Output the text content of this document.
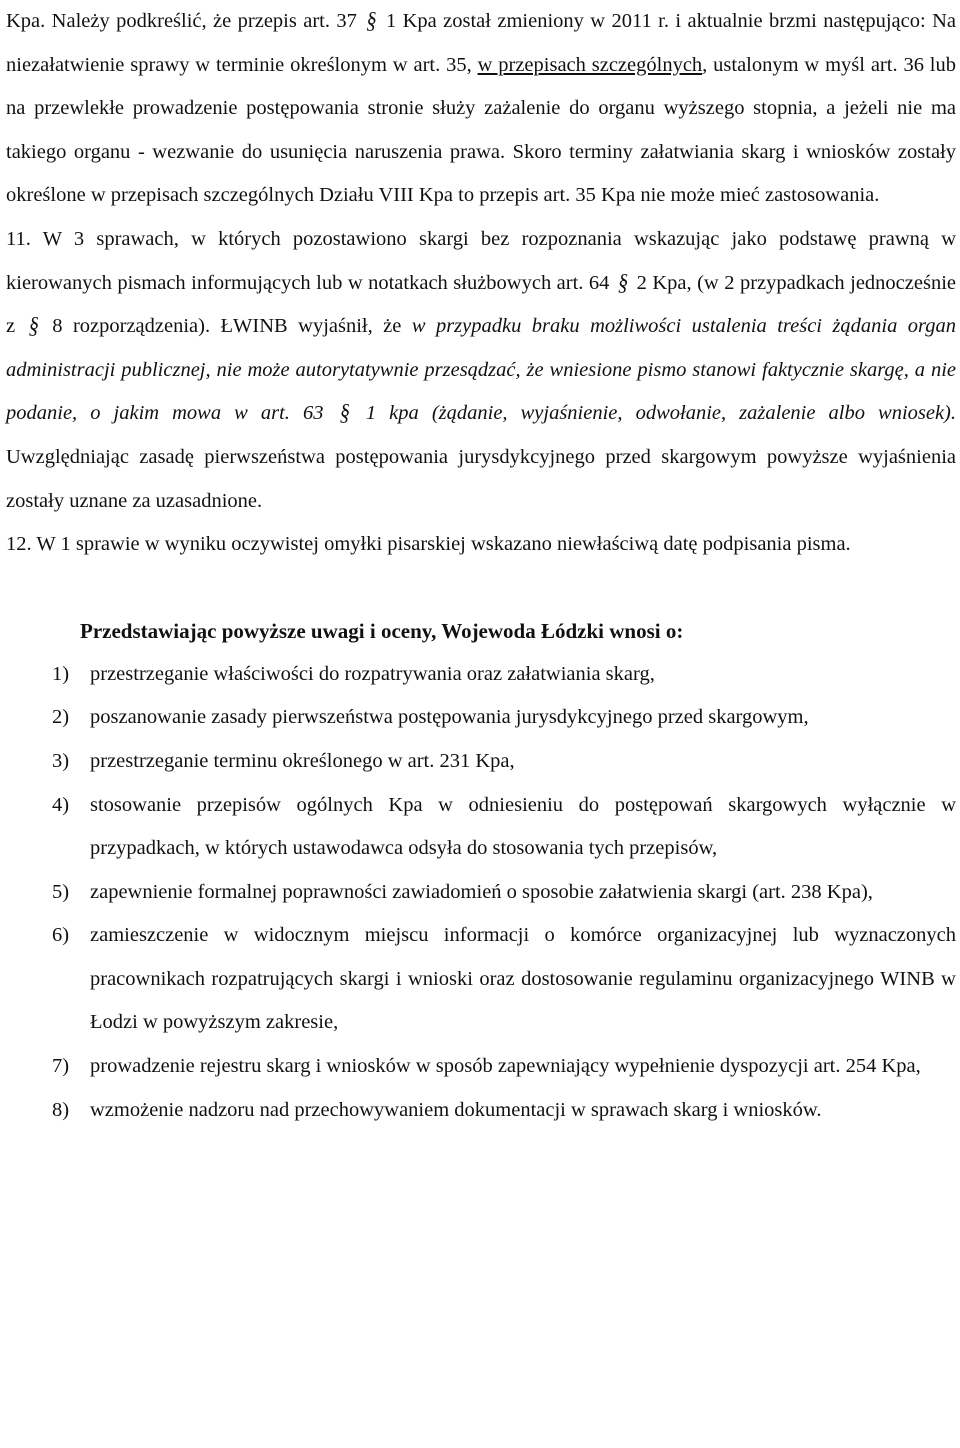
Kpa. Należy podkreślić, że przepis art. 37 § 1 Kpa został zmieniony w 2011 r. i aktualnie brzmi następująco: Na niezałatwienie sprawy w terminie określonym w art. 35, w przepisach szczególnych, ustalonym w myśl art. 36 lub na przewlekłe prowadzenie postępowania stronie służy zażalenie do organu wyższego stopnia, a jeżeli nie ma takiego organu - wezwanie do usunięcia naruszenia prawa. Skoro terminy załatwiania skarg i wniosków zostały określone w przepisach szczególnych Działu VIII Kpa to przepis art. 35 Kpa nie może mieć zastosowania.

11. W 3 sprawach, w których pozostawiono skargi bez rozpoznania wskazując jako podstawę prawną w kierowanych pismach informujących lub w notatkach służbowych art. 64 § 2 Kpa, (w 2 przypadkach jednocześnie z § 8 rozporządzenia). ŁWINB wyjaśnił, że w przypadku braku możliwości ustalenia treści żądania organ administracji publicznej, nie może autorytatywnie przesądzać, że wniesione pismo stanowi faktycznie skargę, a nie podanie, o jakim mowa w art. 63 § 1 kpa (żądanie, wyjaśnienie, odwołanie, zażalenie albo wniosek). Uwzględniając zasadę pierwszeństwa postępowania jurysdykcyjnego przed skargowym powyższe wyjaśnienia zostały uznane za uzasadnione.

12. W 1 sprawie w wyniku oczywistej omyłki pisarskiej wskazano niewłaściwą datę podpisania pisma.

Przedstawiając powyższe uwagi i oceny, Wojewoda Łódzki wnosi o:

1) przestrzeganie właściwości do rozpatrywania oraz załatwiania skarg,
2) poszanowanie zasady pierwszeństwa postępowania jurysdykcyjnego przed skargowym,
3) przestrzeganie terminu określonego w art. 231 Kpa,
4) stosowanie przepisów ogólnych Kpa w odniesieniu do postępowań skargowych wyłącznie w przypadkach, w których ustawodawca odsyła do stosowania tych przepisów,
5) zapewnienie formalnej poprawności zawiadomień o sposobie załatwienia skargi (art. 238 Kpa),
6) zamieszczenie w widocznym miejscu informacji o komórce organizacyjnej lub wyznaczonych pracownikach rozpatrujących skargi i wnioski oraz dostosowanie regulaminu organizacyjnego WINB w Łodzi w powyższym zakresie,
7) prowadzenie rejestru skarg i wniosków w sposób zapewniający wypełnienie dyspozycji art. 254 Kpa,
8) wzmożenie nadzoru nad przechowywaniem dokumentacji w sprawach skarg i wniosków.
